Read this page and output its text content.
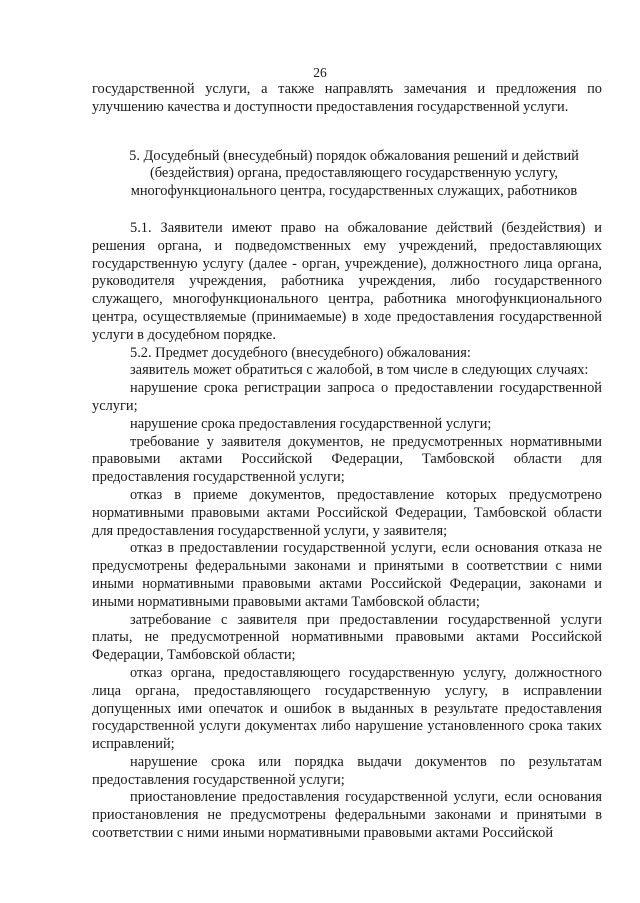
26

государственной услуги, а также направлять замечания и предложения по улучшению качества и доступности предоставления государственной услуги.

5. Досудебный (внесудебный) порядок обжалования решений и действий
(бездействия) органа, предоставляющего государственную услугу,
многофункционального центра, государственных служащих, работников

5.1. Заявители имеют право на обжалование действий (бездействия) и решения органа, и подведомственных ему учреждений, предоставляющих государственную услугу (далее - орган, учреждение), должностного лица органа, руководителя учреждения, работника учреждения, либо государственного служащего, многофункционального центра, работника многофункционального центра, осуществляемые (принимаемые) в ходе предоставления государственной услуги в досудебном порядке.

5.2. Предмет досудебного (внесудебного) обжалования:

заявитель может обратиться с жалобой, в том числе в следующих случаях:

нарушение срока регистрации запроса о предоставлении государственной услуги;

нарушение срока предоставления государственной услуги;

требование у заявителя документов, не предусмотренных нормативными правовыми актами Российской Федерации, Тамбовской области для предоставления государственной услуги;

отказ в приеме документов, предоставление которых предусмотрено нормативными правовыми актами Российской Федерации, Тамбовской области для предоставления государственной услуги, у заявителя;

отказ в предоставлении государственной услуги, если основания отказа не предусмотрены федеральными законами и принятыми в соответствии с ними иными нормативными правовыми актами Российской Федерации, законами и иными нормативными правовыми актами Тамбовской области;

затребование с заявителя при предоставлении государственной услуги платы, не предусмотренной нормативными правовыми актами Российской Федерации, Тамбовской области;

отказ органа, предоставляющего государственную услугу, должностного лица органа, предоставляющего государственную услугу, в исправлении допущенных ими опечаток и ошибок в выданных в результате предоставления государственной услуги документах либо нарушение установленного срока таких исправлений;

нарушение срока или порядка выдачи документов по результатам предоставления государственной услуги;

приостановление предоставления государственной услуги, если основания приостановления не предусмотрены федеральными законами и принятыми в соответствии с ними иными нормативными правовыми актами Российской
